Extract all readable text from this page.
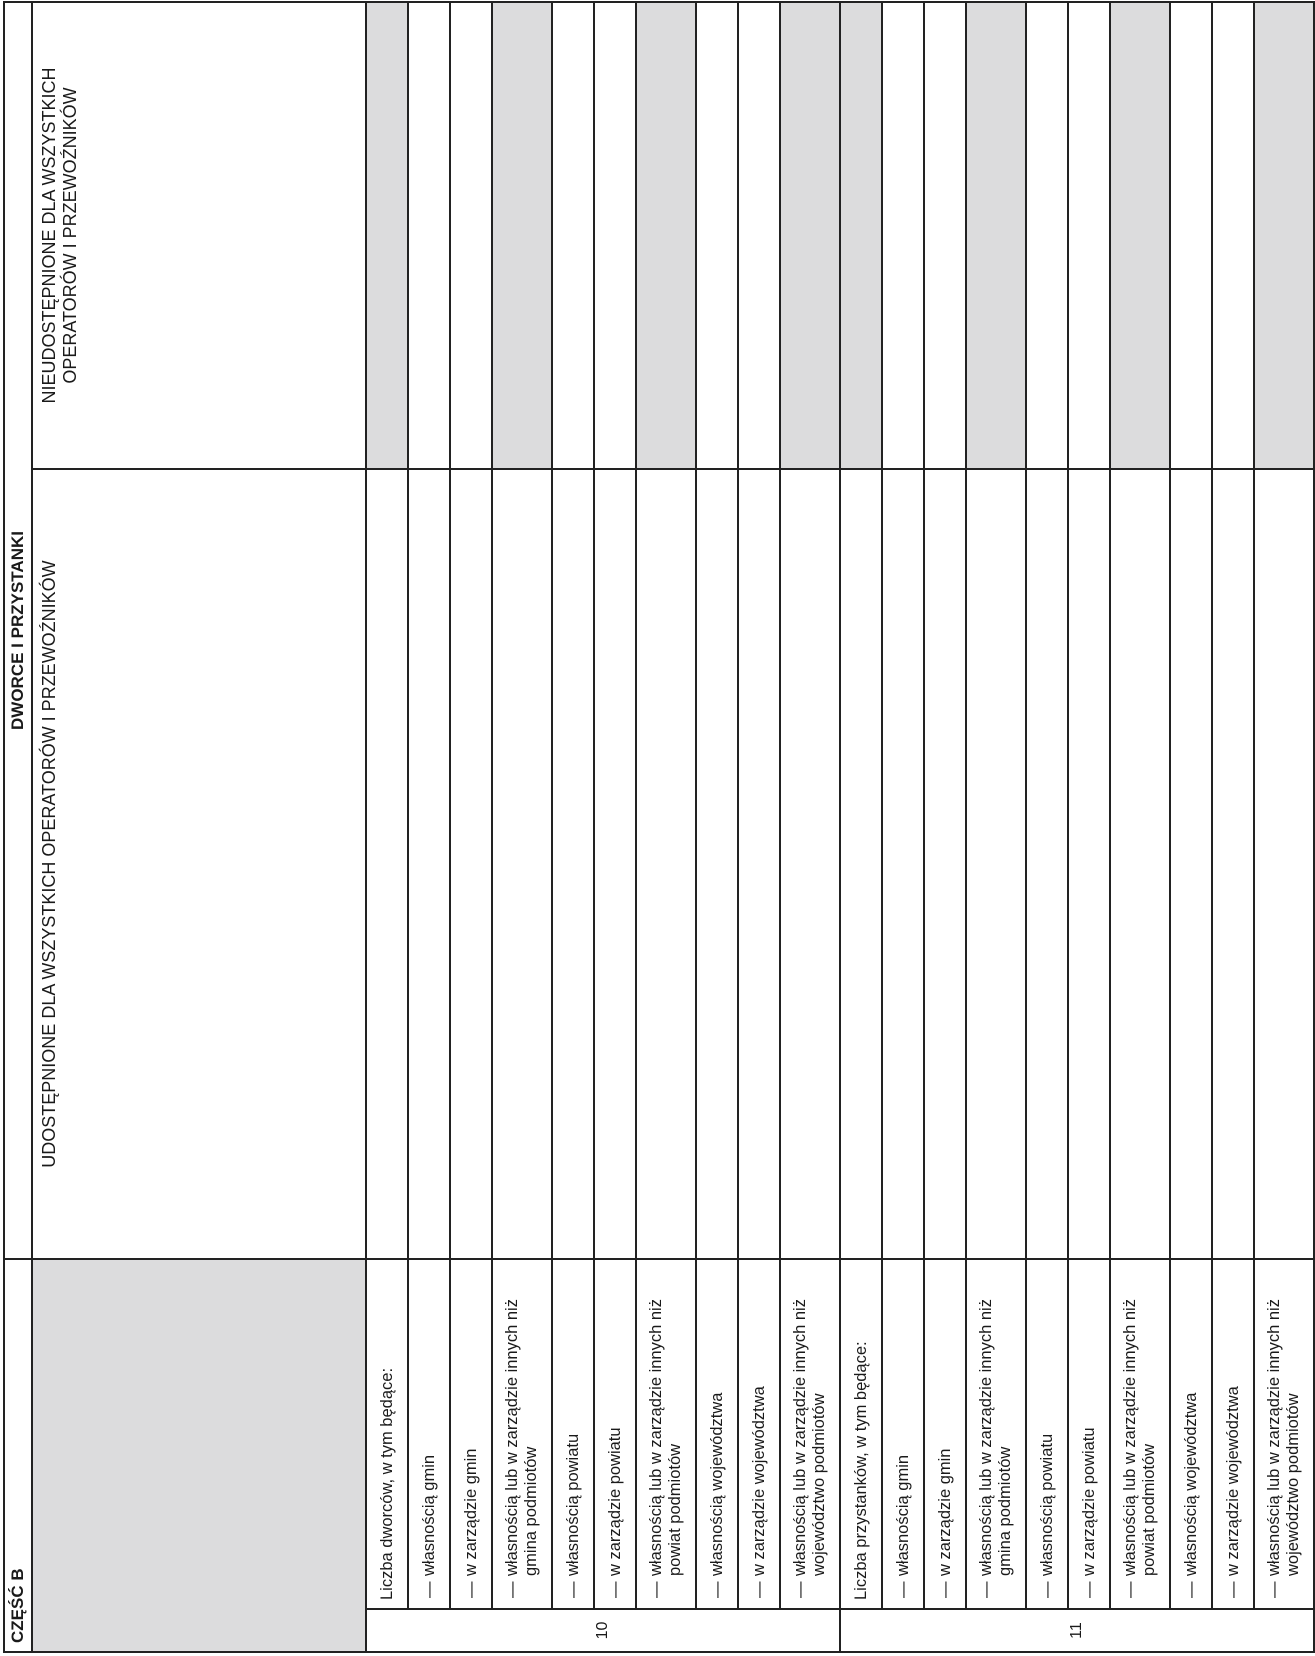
CZĘŚĆ B		DWORCE I PRZYSTANKI	
		UDOSTĘPNIONE DLA WSZYSTKICH OPERATORÓW I PRZEWOŹNIKÓW	NIEUDOSTĘPNIONE DLA WSZYSTKICH OPERATORÓW I PRZEWOŹNIKÓW
10	Liczba dworców, w tym będące:		
	—własnością gmin		
	—w zarządzie gmin		
	—własnością lub w zarządzie innych niż gmina podmiotów		
	—własnością powiatu		
	—w zarządzie powiatu		
	—własnością lub w zarządzie innych niż powiat podmiotów		
	—własnością województwa		
	—w zarządzie województwa		
	—własnością lub w zarządzie innych niż województwo podmiotów		
11	Liczba przystanków, w tym będące:		
	—własnością gmin		
	—w zarządzie gmin		
	—własnością lub w zarządzie innych niż gmina podmiotów		
	—własnością powiatu		
	—w zarządzie powiatu		
	—własnością lub w zarządzie innych niż powiat podmiotów		
	—własnością województwa		
	—w zarządzie województwa		
	—własnością lub w zarządzie innych niż województwo podmiotów		
